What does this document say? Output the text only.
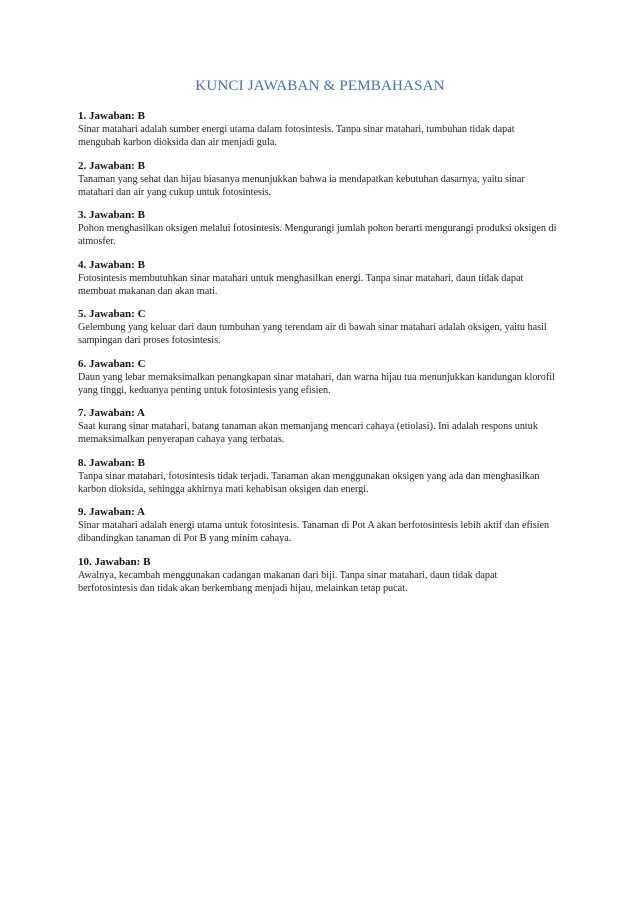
KUNCI JAWABAN & PEMBAHASAN
1. Jawaban: B
Sinar matahari adalah sumber energi utama dalam fotosintesis. Tanpa sinar matahari, tumbuhan tidak dapat mengubah karbon dioksida dan air menjadi gula.
2. Jawaban: B
Tanaman yang sehat dan hijau biasanya menunjukkan bahwa ia mendapatkan kebutuhan dasarnya, yaitu sinar matahari dan air yang cukup untuk fotosintesis.
3. Jawaban: B
Pohon menghasilkan oksigen melalui fotosintesis. Mengurangi jumlah pohon berarti mengurangi produksi oksigen di atmosfer.
4. Jawaban: B
Fotosintesis membutuhkan sinar matahari untuk menghasilkan energi. Tanpa sinar matahari, daun tidak dapat membuat makanan dan akan mati.
5. Jawaban: C
Gelembung yang keluar dari daun tumbuhan yang terendam air di bawah sinar matahari adalah oksigen, yaitu hasil sampingan dari proses fotosintesis.
6. Jawaban: C
Daun yang lebar memaksimalkan penangkapan sinar matahari, dan warna hijau tua menunjukkan kandungan klorofil yang tinggi, keduanya penting untuk fotosintesis yang efisien.
7. Jawaban: A
Saat kurang sinar matahari, batang tanaman akan memanjang mencari cahaya (etiolasi). Ini adalah respons untuk memaksimalkan penyerapan cahaya yang terbatas.
8. Jawaban: B
Tanpa sinar matahari, fotosintesis tidak terjadi. Tanaman akan menggunakan oksigen yang ada dan menghasilkan karbon dioksida, sehingga akhirnya mati kehabisan oksigen dan energi.
9. Jawaban: A
Sinar matahari adalah energi utama untuk fotosintesis. Tanaman di Pot A akan berfotosintesis lebih aktif dan efisien dibandingkan tanaman di Pot B yang minim cahaya.
10. Jawaban: B
Awalnya, kecambah menggunakan cadangan makanan dari biji. Tanpa sinar matahari, daun tidak dapat berfotosintesis dan tidak akan berkembang menjadi hijau, melainkan tetap pucat.
